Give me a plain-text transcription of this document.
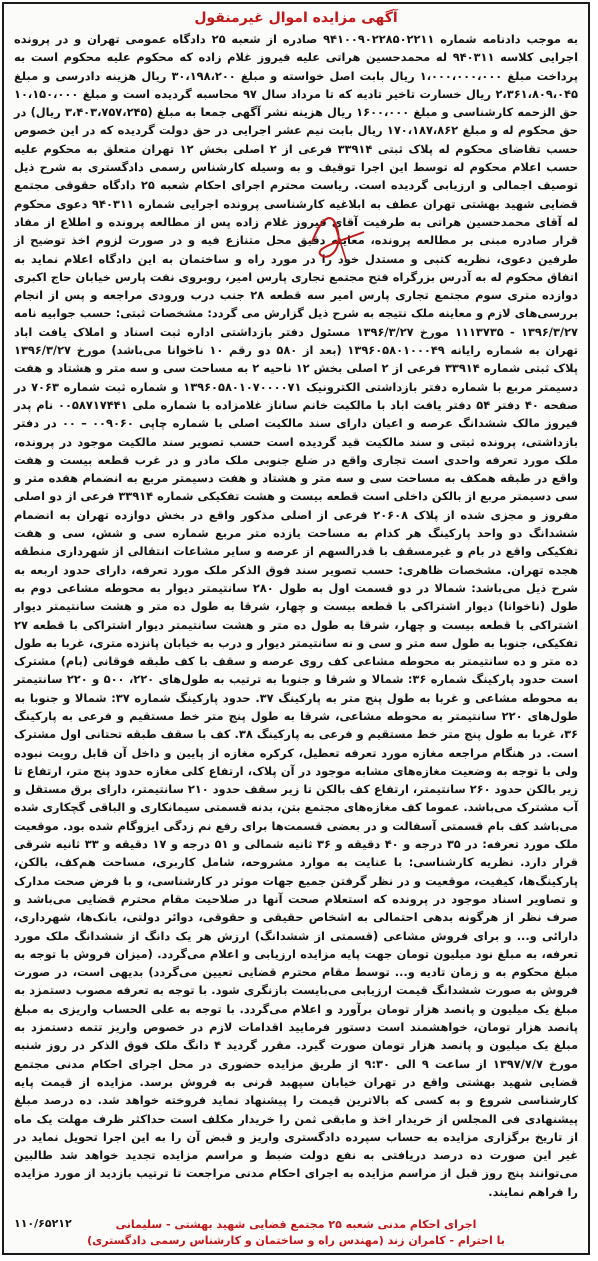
آگهی مزایده اموال غیرمنقول

به موجب دادنامه شماره ۹۴۱۰۰۹۰۲۲۸۵۰۲۲۱۱ صادره از شعبه ۲۵ دادگاه عمومی تهران و در پرونده اجرایی کلاسه ۹۴۰۳۱۱ له محمدحسین هراتی علیه فیروز غلام زاده که محکوم علیه محکوم است به پرداخت مبلغ ۱،۰۰۰،۰۰۰،۰۰۰ ریال بابت اصل خواسته و مبلغ ۳۰،۱۹۸،۲۰۰ ریال هزینه دادرسی و مبلغ ۲،۳۶۱،۸۰۹،۰۴۵ ریال خسارت تاخیر تادیه که تا مرداد سال ۹۷ محاسبه گردیده است و مبلغ ۱۰،۱۵۰،۰۰۰ حق الزحمه کارشناسی و مبلغ ۱۶۰۰،۰۰۰ ریال هزینه نشر آگهی جمعا به مبلغ (۳،۴۰۳،۷۵۷،۲۴۵ ریال) در حق محکوم له و مبلغ ۱۷۰،۱۸۷،۸۶۲ ریال بابت نیم عشر اجرایی در حق دولت گردیده که در این خصوص حسب تقاضای محکوم له پلاک ثبتی ۳۳۹۱۴ فرعی از ۲ اصلی بخش ۱۲ تهران متعلق به محکوم علیه حسب اعلام محکوم له توسط این اجرا توقیف و به وسیله کارشناس رسمی دادگستری به شرح ذیل توصیف اجمالی و ارزیابی گردیده است. ریاست محترم اجرای احکام شعبه ۲۵ دادگاه حقوقی مجتمع قضایی شهید بهشتی تهران عطف به ابلاغیه کارشناسی پرونده اجرایی شماره ۹۴۰۳۱۱ دعوی محکوم له آقای محمدحسین هراتی به طرفیت آقای فیروز غلام زاده پس از مطالعه پرونده و اطلاع از مفاد قرار صادره مبنی بر مطالعه پرونده، معاینه دقیق محل متنازع فیه و در صورت لزوم اخذ توضیح از طرفین دعوی، نظریه کتبی و مستدل خود را در مورد راه و ساختمان به این دادگاه اعلام نماید به اتفاق محکوم له به آدرس بزرگراه فتح مجتمع تجاری پارس امیر، روبروی نفت پارس خیابان حاج اکبری دوازده متری سوم مجتمع تجاری پارس امیر سه قطعه ۲۸ جنب درب ورودی مراجعه و پس از انجام بررسی‌های لازم و معاینه ملک نتیجه به شرح ذیل گزارش می گردد: مشخصات ثبتی: حسب جوابیه نامه ۱۳۹۶/۳/۲۷ - ۱۱۱۳۷۳۵ مورخ ۱۳۹۶/۳/۲۷ مسئول دفتر بازداشتی اداره ثبت اسناد و املاک یافت اباد تهران به شماره رایانه ۱۳۹۶۰۵۸۰۱۰۰۰۴۹ (بعد از ۵۸۰ دو رقم ۱۰ ناخوانا می‌باشد) مورخ ۱۳۹۶/۳/۲۷ پلاک ثبتی شماره ۳۳۹۱۴ فرعی از ۲ اصلی بخش ۱۲ ناحیه ۲ به مساحت سی و سه متر و هشتاد و هفت دسیمتر مربع با شماره دفتر بازداشتی الکترونیک ۱۳۹۶۰۵۸۰۱۰۷۰۰۰۰۷۱ و شماره ثبت شماره ۷۰۶۳ در صفحه ۴۰ دفتر ۵۴ دفتر یافت اباد با مالکیت خانم ساناز غلامزاده با شماره ملی ۰۰۵۸۷۱۷۴۴۱ نام پدر فیروز مالک ششدانگ عرصه و اعیان دارای سند مالکیت اصلی با شماره چاپی ۰۰۹۰۶۰ – ۰۰ در دفتر بازداشتی، پرونده ثبتی و سند مالکیت قید گردیده است حسب تصویر سند مالکیت موجود در پرونده، ملک مورد تعرفه واحدی است تجاری واقع در ضلع جنوبی ملک مادر و در غرب قطعه بیست و هفت واقع در طبقه همکف به مساحت سی و سه متر و هشتاد و هفت دسیمتر مربع به انضمام هفده متر و سی دسیمتر مربع از بالکن داخلی است قطعه بیست و هشت تفکیکی شماره ۳۳۹۱۴ فرعی از دو اصلی مفروز و مجزی شده از پلاک ۲۰۶۰۸ فرعی از اصلی مذکور واقع در بخش دوازده تهران به انضمام ششدانگ دو واحد پارکینگ هر کدام به مساحت یازده متر مربع شماره سی و شش، سی و هفت تفکیکی واقع در بام و غیرمسقف با قدرالسهم از عرصه و سایر مشاعات انتقالی از شهرداری منطقه هجده تهران. مشخصات ظاهری: حسب تصویر سند فوق الذکر ملک مورد تعرفه، دارای حدود اربعه به شرح ذیل می‌باشد: شمالا در دو قسمت اول به طول ۲۸۰ سانتیمتر دیوار به محوطه مشاعی دوم به طول (ناخوانا) دیوار اشتراکی با قطعه بیست و چهار، شرقا به طول ده متر و هشت سانتیمتر دیوار اشتراکی با قطعه بیست و چهار، شرقا به طول ده متر و هشت سانتیمتر دیوار اشتراکی با قطعه ۲۷ تفکیکی، جنوبا به طول سه متر و سی و نه سانتیمتر دیوار و درب به خیابان پانزده متری، غربا به طول ده متر و ده سانتیمتر به محوطه مشاعی کف روی عرصه و سقف با کف طبقه فوقانی (بام) مشترک است حدود پارکینگ شماره ۳۶: شمالا و شرقا و جنوبا به ترتیب به طول‌های ۲۲۰، ۵۰۰ و ۲۲۰ سانتیمتر به محوطه مشاعی و غربا به طول پنج متر به پارکینگ ۳۷. حدود پارکینگ شماره ۳۷: شمالا و جنوبا به طول‌های ۲۲۰ سانتیمتر به محوطه مشاعی، شرقا به طول پنج متر خط مستقیم و فرعی به پارکینگ ۳۶، غربا به طول پنج متر خط مستقیم و فرعی به پارکینگ ۳۸. کف با سقف طبقه تحتانی اول مشترک است. در هنگام مراجعه مغازه مورد تعرفه تعطیل، کرکره مغازه از پایین و داخل آن قابل رویت نبوده ولی با توجه به وضعیت مغازه‌های مشابه موجود در آن پلاک، ارتفاع کلی مغازه حدود پنج متر، ارتفاع تا زیر بالکن حدود ۲۶۰ سانتیمتر، ارتفاع کف بالکن تا زیر سقف حدود ۲۱۰ سانتیمتر، دارای برق مستقل و آب مشترک می‌باشد. عموما کف مغازه‌های مجتمع بتن، بدنه قسمتی سیمانکاری و الباقی گچکاری شده می‌باشد کف بام قسمتی آسفالت و در بعضی قسمت‌ها برای رفع نم زدگی ایزوگام شده بود. موقعیت ملک مورد تعرفه: در ۳۵ درجه و ۴۰ دقیقه و ۳۶ ثانیه شمالی و ۵۱ درجه و ۱۷ دقیقه و ۳۳ ثانیه شرقی قرار دارد. نظریه کارشناسی: با عنایت به موارد مشروحه، شامل کاربری، مساحت هم‌کف، بالکن، پارکینگ‌ها، کیفیت، موقعیت و در نظر گرفتن جمیع جهات موثر در کارشناسی، و با فرض صحت مدارک و تصاویر اسناد موجود در پرونده که استعلام صحت آنها در صلاحیت مقام محترم قضایی می‌باشد و صرف نظر از هرگونه بدهی احتمالی به اشخاص حقیقی و حقوقی، دوائر دولتی، بانک‌ها، شهرداری، دارائی و... و برای فروش مشاعی (قسمتی از ششدانگ) ارزش هر یک دانگ از ششدانگ ملک مورد تعرفه، به مبلغ نود میلیون تومان جهت پایه مزایده ارزیابی و اعلام می‌گردد. (میزان فروش با توجه به مبلغ محکوم به و زمان تادیه و... توسط مقام محترم قضایی تعیین می‌گردد) بدیهی است، در صورت فروش به صورت ششدانگ قیمت ارزیابی می‌بایست بازنگری شود. با توجه به تعرفه مصوب دستمزد به مبلغ یک میلیون و پانصد هزار تومان برآورد و اعلام می‌گردد. با توجه به علی الحساب واریزی به مبلغ پانصد هزار تومان، خواهشمند است دستور فرمایید اقدامات لازم در خصوص واریز تتمه دستمزد به مبلغ یک میلیون و پانصد هزار تومان صورت گیرد. مقرر گردید ۴ دانگ ملک فوق الذکر در روز شنبه مورخ ۱۳۹۷/۷/۷ از ساعت ۹ الی ۹:۳۰ از طریق مزایده حضوری در محل اجرای احکام مدنی مجتمع قضایی شهید بهشتی واقع در تهران خیابان سپهبد قرنی به فروش برسد. مزایده از قیمت پایه کارشناسی شروع و به کسی که بالاترین قیمت را پیشنهاد نماید فروخته خواهد شد. ده درصد مبلغ پیشنهادی فی المجلس از خریدار اخذ و مابقی ثمن را خریدار مکلف است حداکثر ظرف مهلت یک ماه از تاریخ برگزاری مزایده به حساب سپرده دادگستری واریز و قبض آن را به این اجرا تحویل نماید در غیر این صورت ده درصد دریافتی به نفع دولت ضبط و مراسم مزایده تجدید خواهد شد طالبین می‌توانند پنج روز قبل از مراسم مزایده به اجرای احکام مدنی مراجعت تا ترتیب بازدید از مورد مزایده را فراهم نمایند.

اجرای احکام مدنی شعبه ۲۵ مجتمع قضایی شهید بهشتی - سلیمانی
با احترام - کامران زند (مهندس راه و ساختمان و کارشناس رسمی دادگستری)
۱۱۰/۶۵۲۱۲
